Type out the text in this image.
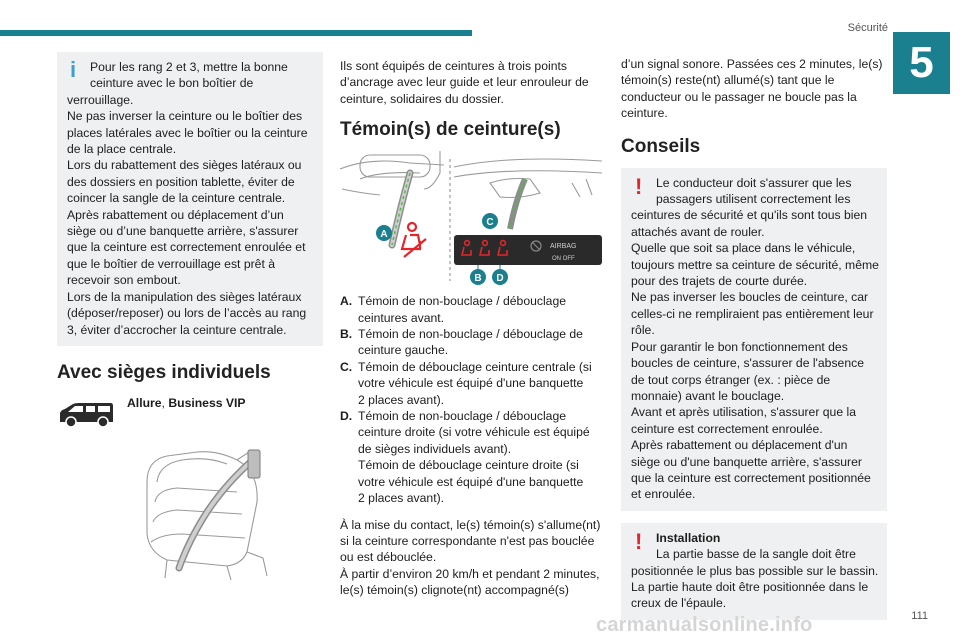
Sécurité
5
i	Pour les rang 2 et 3, mettre la bonne ceinture avec le bon boîtier de

verrouillage.
Ne pas inverser la ceinture ou le boîtier des places latérales avec le boîtier ou la ceinture de la place centrale.
Lors du rabattement des sièges latéraux ou des dossiers en position tablette, éviter de coincer la sangle de la ceinture centrale.
Après rabattement ou déplacement d’un siège ou d’une banquette arrière, s'assurer que la ceinture est correctement enroulée et que le boîtier de verrouillage est prêt à recevoir son embout.
Lors de la manipulation des sièges latéraux (déposer/reposer) ou lors de l’accès au rang 3, éviter d’accrocher la ceinture centrale.

Avec sièges individuels
Allure, Business VIP

Ils sont équipés de ceintures à trois points d’ancrage avec leur guide et leur enrouleur de ceinture, solidaires du dossier.

Témoin(s) de ceinture(s)
A
AIRBAG
ON OFF
C
B D
A. Témoin de non-bouclage / débouclage
ceintures avant.
B. Témoin de non-bouclage / débouclage de
ceinture gauche.
C. Témoin de débouclage ceinture centrale (si
votre véhicule est équipé d'une banquette
2 places avant).
D. Témoin de non-bouclage / débouclage
ceinture droite (si votre véhicule est équipé
de sièges individuels avant).
Témoin de débouclage ceinture droite (si
votre véhicule est équipé d'une banquette
2 places avant).

À la mise du contact, le(s) témoin(s) s'allume(nt) si la ceinture correspondante n'est pas bouclée ou est débouclée.
À partir d’environ 20 km/h et pendant 2 minutes, le(s) témoin(s) clignote(nt) accompagné(s)

d’un signal sonore. Passées ces 2 minutes, le(s) témoin(s) reste(nt) allumé(s) tant que le conducteur ou le passager ne boucle pas la ceinture.

Conseils
!	Le conducteur doit s'assurer que les passagers utilisent correctement les

ceintures de sécurité et qu'ils sont tous bien attachés avant de rouler.
Quelle que soit sa place dans le véhicule, toujours mettre sa ceinture de sécurité, même pour des trajets de courte durée.
Ne pas inverser les boucles de ceinture, car celles-ci ne rempliraient pas entièrement leur rôle.
Pour garantir le bon fonctionnement des boucles de ceinture, s'assurer de l'absence de tout corps étranger (ex. : pièce de monnaie) avant le bouclage.
Avant et après utilisation, s'assurer que la ceinture est correctement enroulée.
Après rabattement ou déplacement d'un siège ou d'une banquette arrière, s'assurer que la ceinture est correctement positionnée et enroulée.

!	Installation

La partie basse de la sangle doit être

positionnée le plus bas possible sur le bassin.
La partie haute doit être positionnée dans le creux de l'épaule.

111
carmanualsonline.info
